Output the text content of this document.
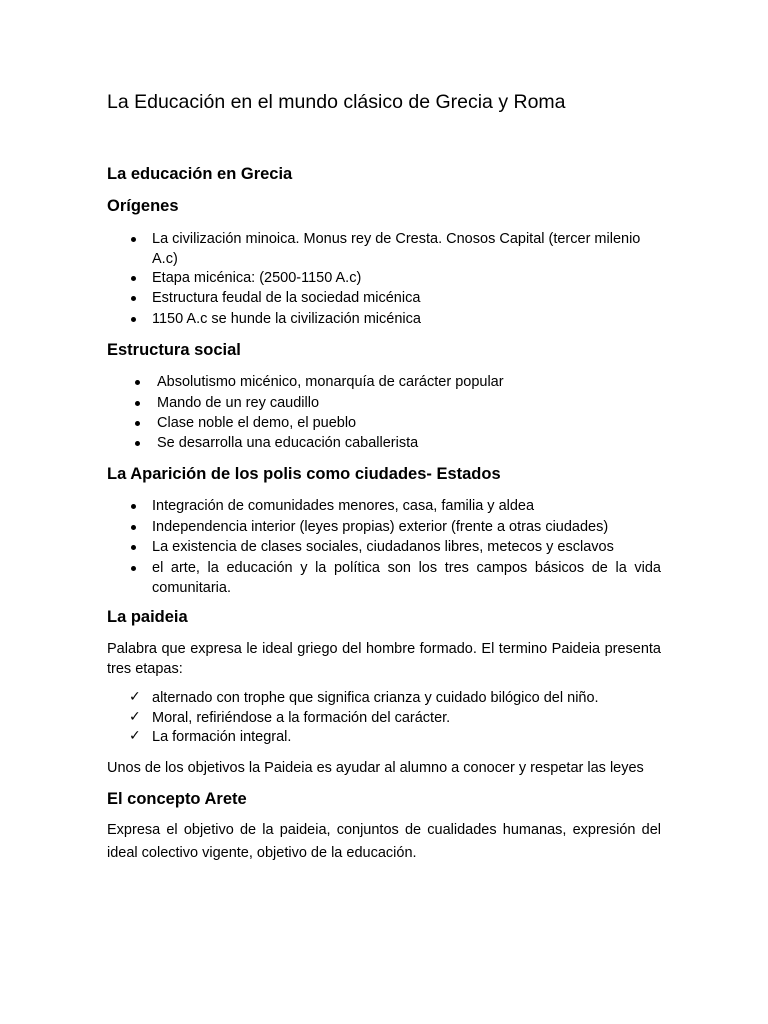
La Educación en el mundo clásico de Grecia y Roma
La educación en Grecia
Orígenes
La civilización minoica. Monus rey de Cresta. Cnosos Capital (tercer milenio A.c)
Etapa micénica: (2500-1150 A.c)
Estructura feudal de la sociedad micénica
1150 A.c se hunde la civilización micénica
Estructura social
Absolutismo micénico, monarquía de carácter popular
Mando de un rey caudillo
Clase noble el demo, el pueblo
Se desarrolla una educación caballerista
La Aparición de los polis como ciudades- Estados
Integración de comunidades menores, casa, familia y aldea
Independencia interior (leyes propias) exterior (frente a otras ciudades)
La existencia de clases sociales, ciudadanos libres, metecos y esclavos
el arte, la educación y la política son los tres campos básicos de la vida comunitaria.
La paideia
Palabra que expresa le ideal griego del hombre formado. El termino Paideia presenta tres etapas:
✓ alternado con trophe que significa crianza y cuidado bilógico del niño.
✓ Moral, refiriéndose a la formación del carácter.
✓ La formación integral.
Unos de los objetivos la Paideia es ayudar al alumno a conocer y respetar las leyes
El concepto Arete
Expresa el objetivo de la paideia, conjuntos de cualidades humanas, expresión del ideal colectivo vigente, objetivo de la educación.
